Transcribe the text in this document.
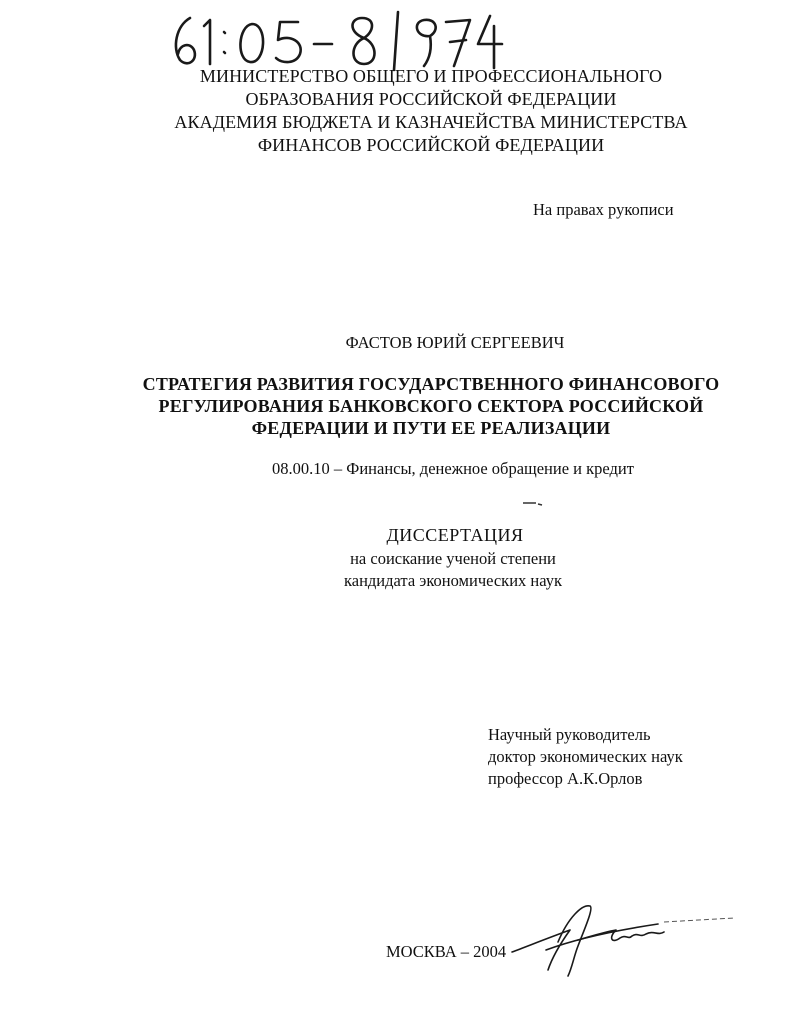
МИНИСТЕРСТВО ОБЩЕГО И ПРОФЕССИОНАЛЬНОГО
ОБРАЗОВАНИЯ РОССИЙСКОЙ ФЕДЕРАЦИИ
АКАДЕМИЯ БЮДЖЕТА И КАЗНАЧЕЙСТВА МИНИСТЕРСТВА
ФИНАНСОВ РОССИЙСКОЙ ФЕДЕРАЦИИ
На правах рукописи
ФАСТОВ ЮРИЙ СЕРГЕЕВИЧ
СТРАТЕГИЯ РАЗВИТИЯ ГОСУДАРСТВЕННОГО ФИНАНСОВОГО
РЕГУЛИРОВАНИЯ БАНКОВСКОГО СЕКТОРА РОССИЙСКОЙ
ФЕДЕРАЦИИ И ПУТИ ЕЕ РЕАЛИЗАЦИИ
08.00.10 – Финансы, денежное обращение и кредит
ДИССЕРТАЦИЯ
на соискание ученой степени
кандидата экономических наук
Научный руководитель
доктор экономических наук
профессор А.К.Орлов
МОСКВА – 2004
